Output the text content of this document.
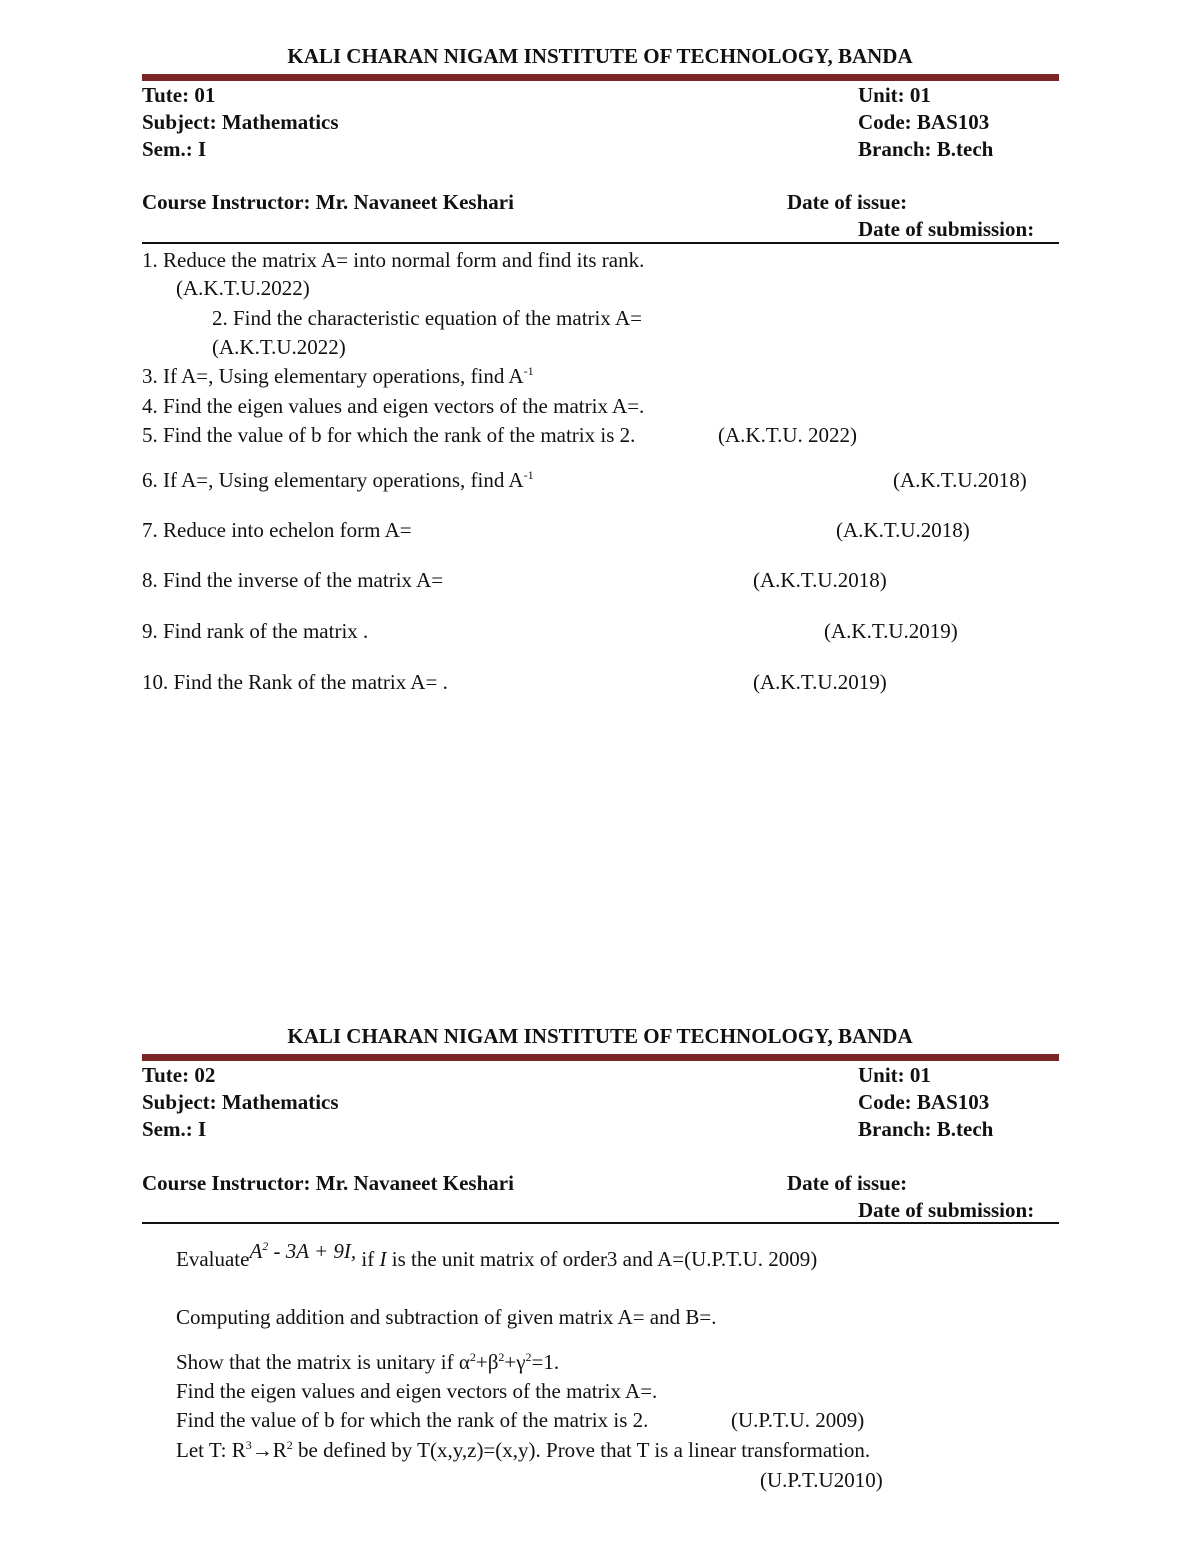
KALI CHARAN NIGAM INSTITUTE OF TECHNOLOGY, BANDA
Tute: 01
Subject: Mathematics
Sem.: I
Unit: 01
Code: BAS103
Branch: B.tech
Course Instructor: Mr. Navaneet Keshari	Date of issue:
Date of submission:
1. Reduce the matrix A= into normal form and find its rank.
(A.K.T.U.2022)
2. Find the characteristic equation of the matrix A=
(A.K.T.U.2022)
3. If A=, Using elementary operations, find $A^{-1}$
4. Find the eigen values and eigen vectors of the matrix A=.
5. Find the value of b for which the rank of the matrix is 2.	(A.K.T.U. 2022)
6. If A=, Using elementary operations, find $A^{-1}$	(A.K.T.U.2018)
7. Reduce into echelon form A=	(A.K.T.U.2018)
8. Find the inverse of the matrix A=	(A.K.T.U.2018)
9. Find rank of the matrix .	(A.K.T.U.2019)
10. Find the Rank of the matrix A= .	(A.K.T.U.2019)
KALI CHARAN NIGAM INSTITUTE OF TECHNOLOGY, BANDA
Tute: 02
Subject: Mathematics
Sem.: I
Unit: 01
Code: BAS103
Branch: B.tech
Course Instructor: Mr. Navaneet Keshari	Date of issue:
Date of submission:
EvaluateA$^2$ - 3A + 9I, if I is the unit matrix of order3 and A=(U.P.T.U. 2009)
Computing addition and subtraction of given matrix A= and B=.
Show that the matrix is unitary if $\alpha^2+\beta^2+\gamma^2=1$.
Find the eigen values and eigen vectors of the matrix A=.
Find the value of b for which the rank of the matrix is 2.	(U.P.T.U. 2009)
Let T: $R^3\to R^2$ be defined by T(x,y,z)=(x,y). Prove that T is a linear transformation.
(U.P.T.U2010)
